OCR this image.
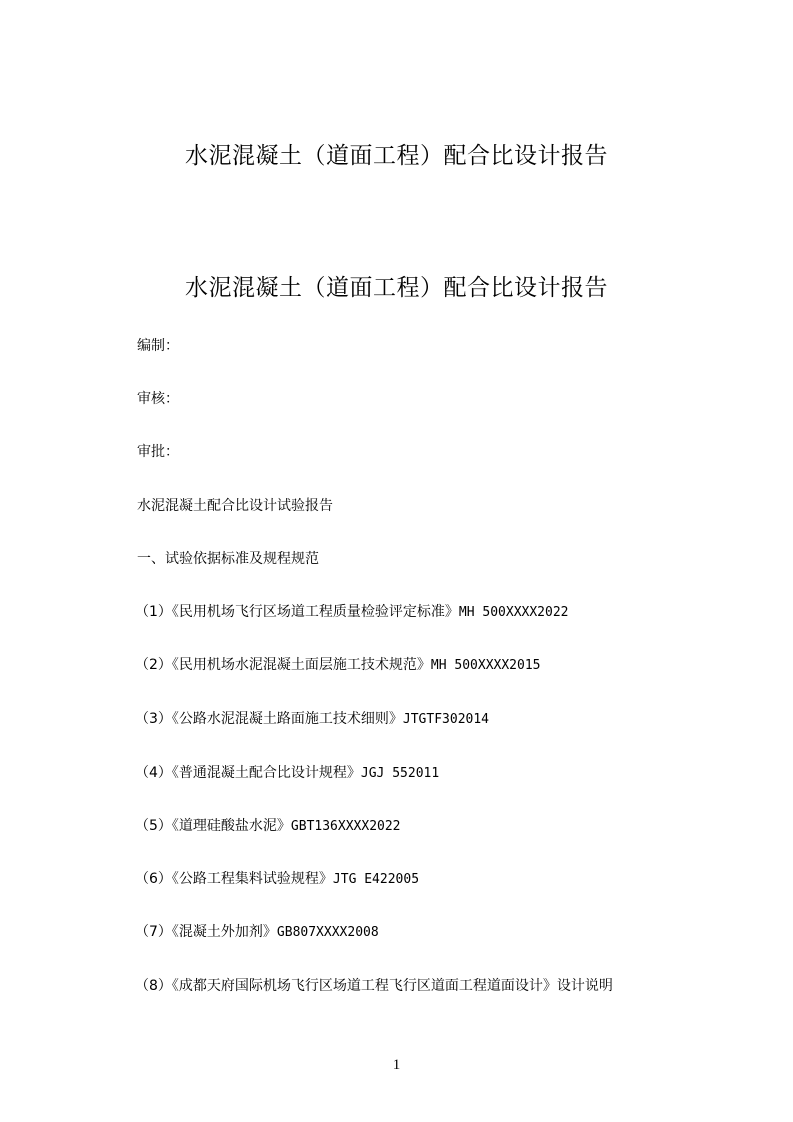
水泥混凝土（道面工程）配合比设计报告
水泥混凝土（道面工程）配合比设计报告
编制：
审核：
审批：
水泥混凝土配合比设计试验报告
一、试验依据标准及规程规范
（1）《民用机场飞行区场道工程质量检验评定标准》MH 500XXXX2022
（2）《民用机场水泥混凝土面层施工技术规范》MH 500XXXX2015
（3）《公路水泥混凝土路面施工技术细则》JTGTF302014
（4）《普通混凝土配合比设计规程》JGJ 552011
（5）《道理硅酸盐水泥》GBT136XXXX2022
（6）《公路工程集料试验规程》JTG E422005
（7）《混凝土外加剂》GB807XXXX2008
（8）《成都天府国际机场飞行区场道工程飞行区道面工程道面设计》设计说明
1
